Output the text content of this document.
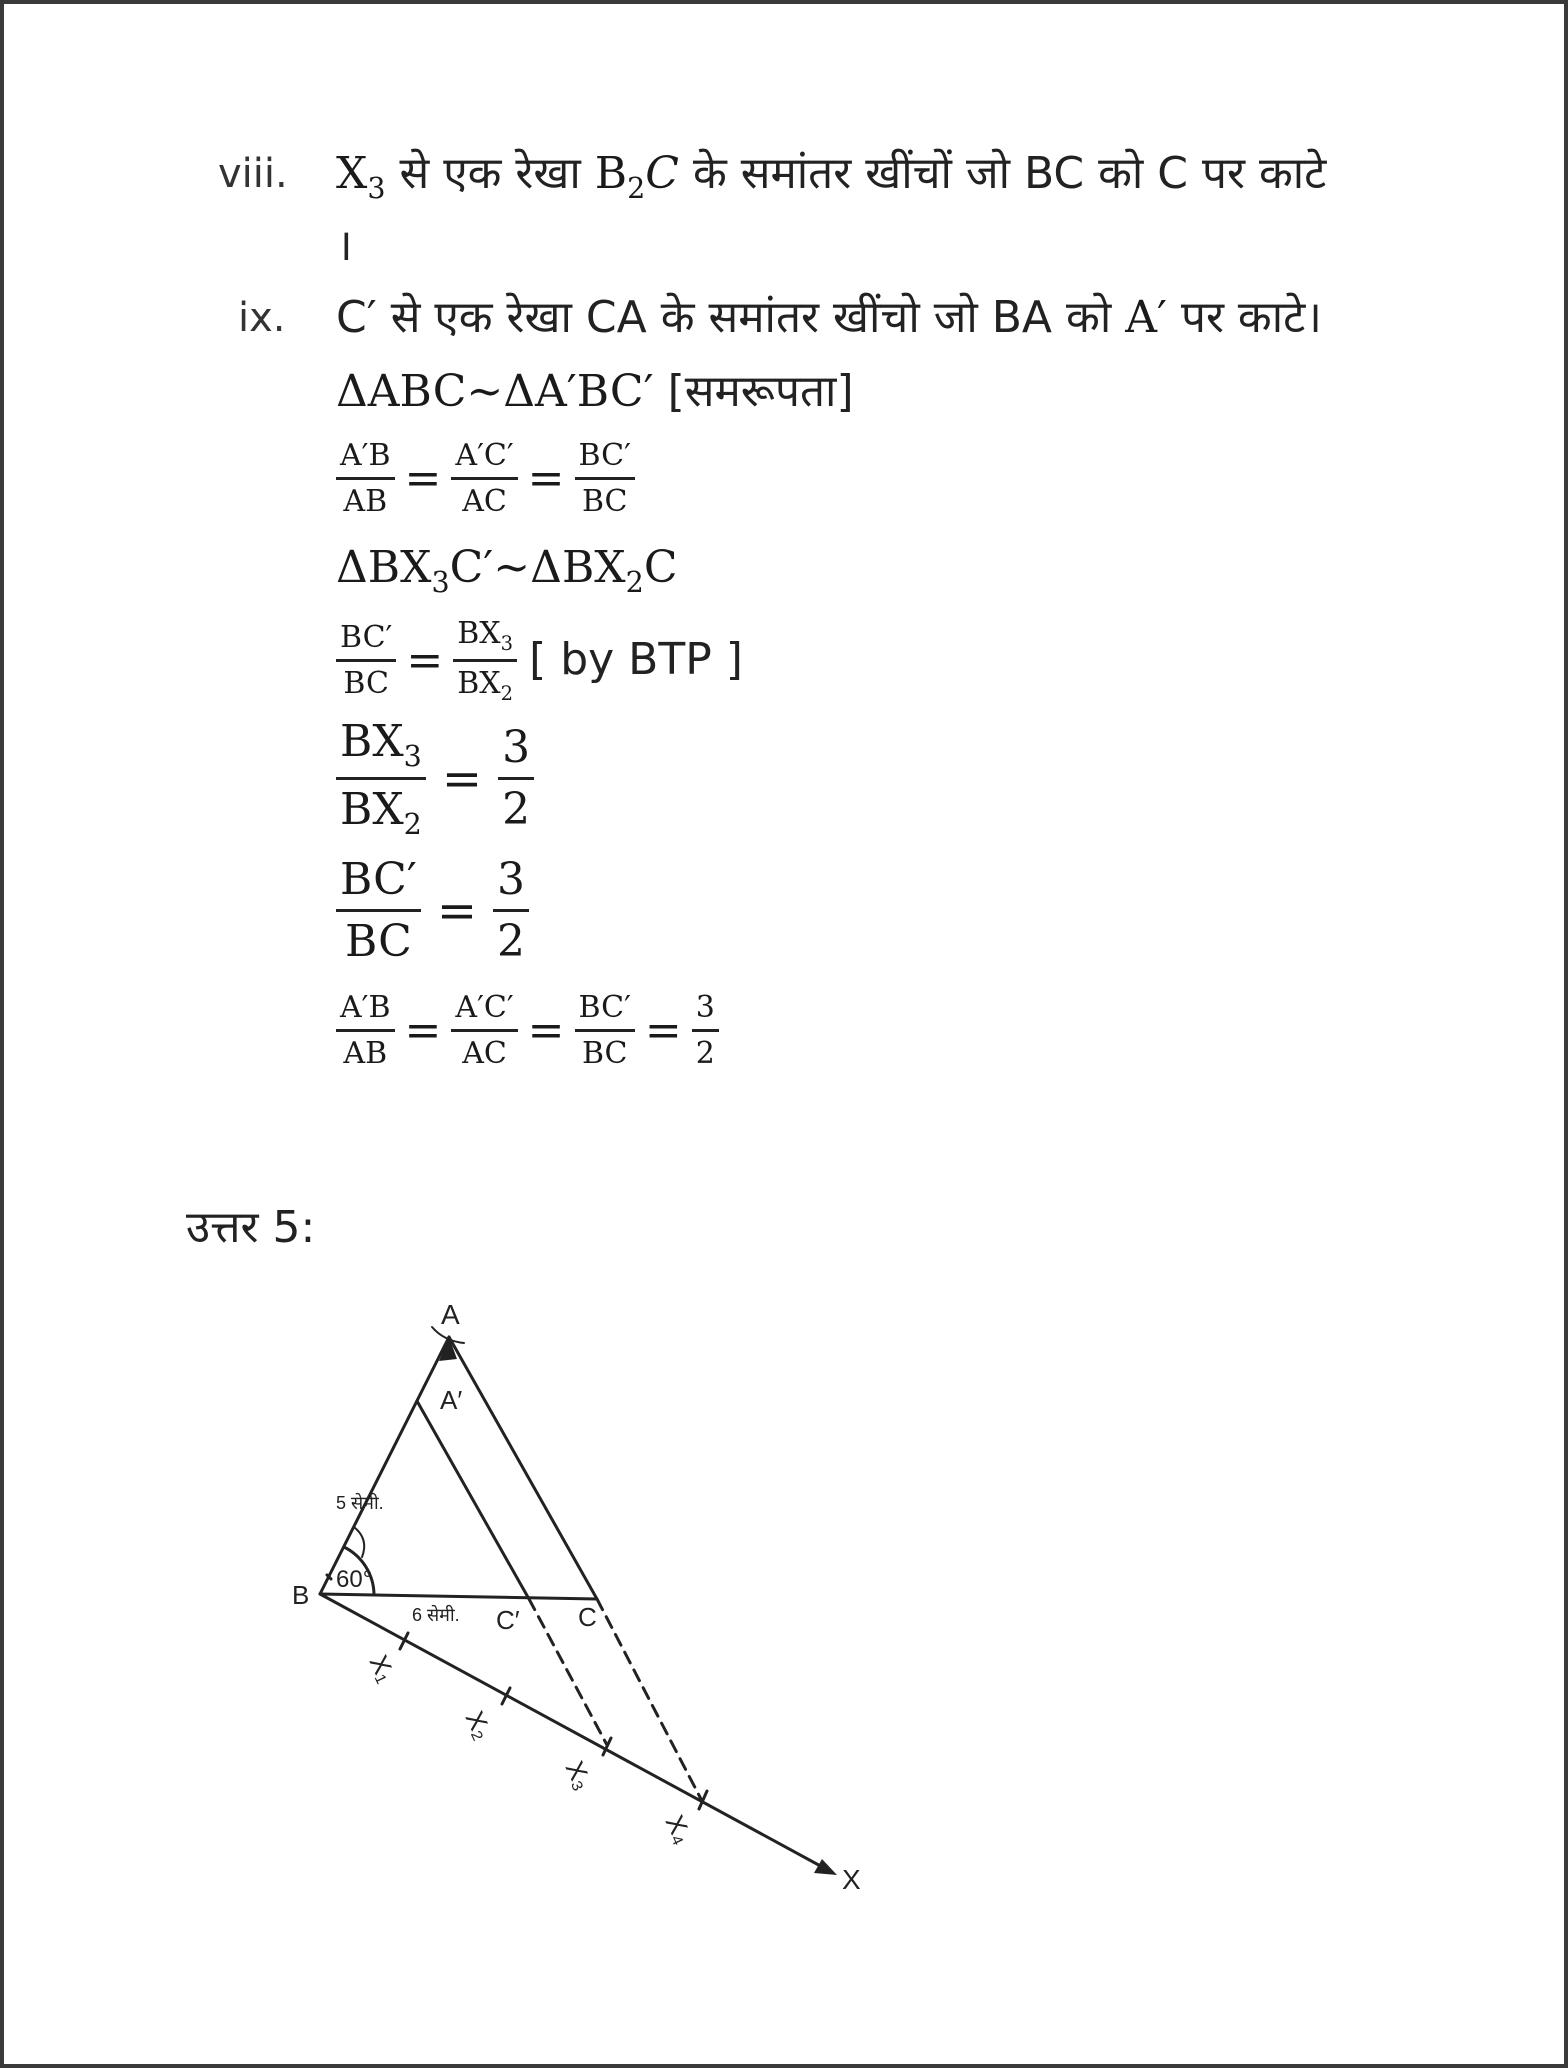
viii. $X_3$ से एक रेखा $B_2C$ के समांतर खींचों जो BC को C पर काटे
।
ix. C′ से एक रेखा CA के समांतर खींचो जो BA को A′ पर काटे।
ΔABC~ΔA′BC′ [समरूपता]
$\frac{A'B}{AB} = \frac{A'C'}{AC} = \frac{BC'}{BC}$
$\Delta BX_3C'\sim\Delta BX_2C$
$\frac{BC'}{BC} = \frac{BX_3}{BX_2}$ [ by BTP ]
$\frac{BX_3}{BX_2} = \frac{3}{2}$
$\frac{BC'}{BC} = \frac{3}{2}$
$\frac{A'B}{AB} = \frac{A'C'}{AC} = \frac{BC'}{BC} = \frac{3}{2}$
उत्तर 5:
A
A′
B
C
C′
X
5 सेमी.
6 सेमी.
60°
X₁
X₂
X₃
X₄
